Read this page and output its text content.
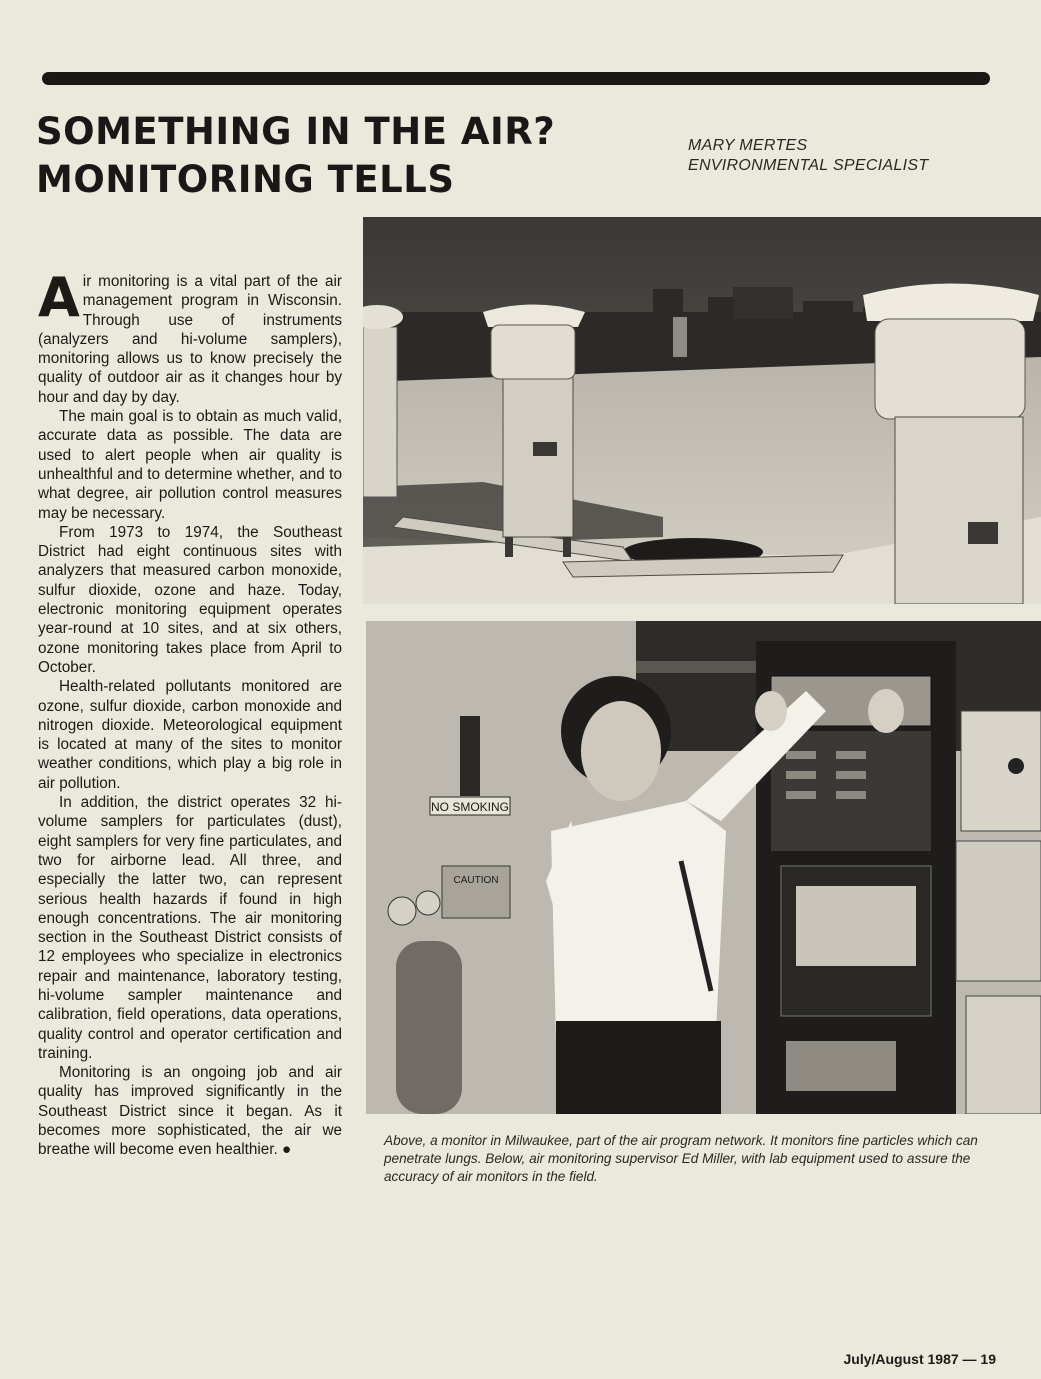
SOMETHING IN THE AIR?
MONITORING TELLS
MARY MERTES
ENVIRONMENTAL SPECIALIST
NO SMOKING
CAUTION

Air monitoring is a vital part of the air management program in Wisconsin. Through use of instruments (analyzers and hi-volume samplers), monitoring allows us to know precisely the quality of outdoor air as it changes hour by hour and day by day.

The main goal is to obtain as much valid, accurate data as possible. The data are used to alert people when air quality is unhealthful and to determine whether, and to what degree, air pollution control measures may be necessary.

From 1973 to 1974, the Southeast District had eight continuous sites with analyzers that measured carbon monoxide, sulfur dioxide, ozone and haze. Today, electronic monitoring equipment operates year-round at 10 sites, and at six others, ozone monitoring takes place from April to October.

Health-related pollutants monitored are ozone, sulfur dioxide, carbon monoxide and nitrogen dioxide. Meteorological equipment is located at many of the sites to monitor weather conditions, which play a big role in air pollution.

In addition, the district operates 32 hi-volume samplers for particulates (dust), eight samplers for very fine particulates, and two for airborne lead. All three, and especially the latter two, can represent serious health hazards if found in high enough concentrations. The air monitoring section in the Southeast District consists of 12 employees who specialize in electronics repair and maintenance, laboratory testing, hi-volume sampler maintenance and calibration, field operations, data operations, quality control and operator certification and training.

Monitoring is an ongoing job and air quality has improved significantly in the Southeast District since it began. As it becomes more sophisticated, the air we breathe will become even healthier. ●

Above, a monitor in Milwaukee, part of the air program network. It monitors fine particles which can penetrate lungs. Below, air monitoring supervisor Ed Miller, with lab equipment used to assure the accuracy of air monitors in the field.
July/August 1987 — 19
